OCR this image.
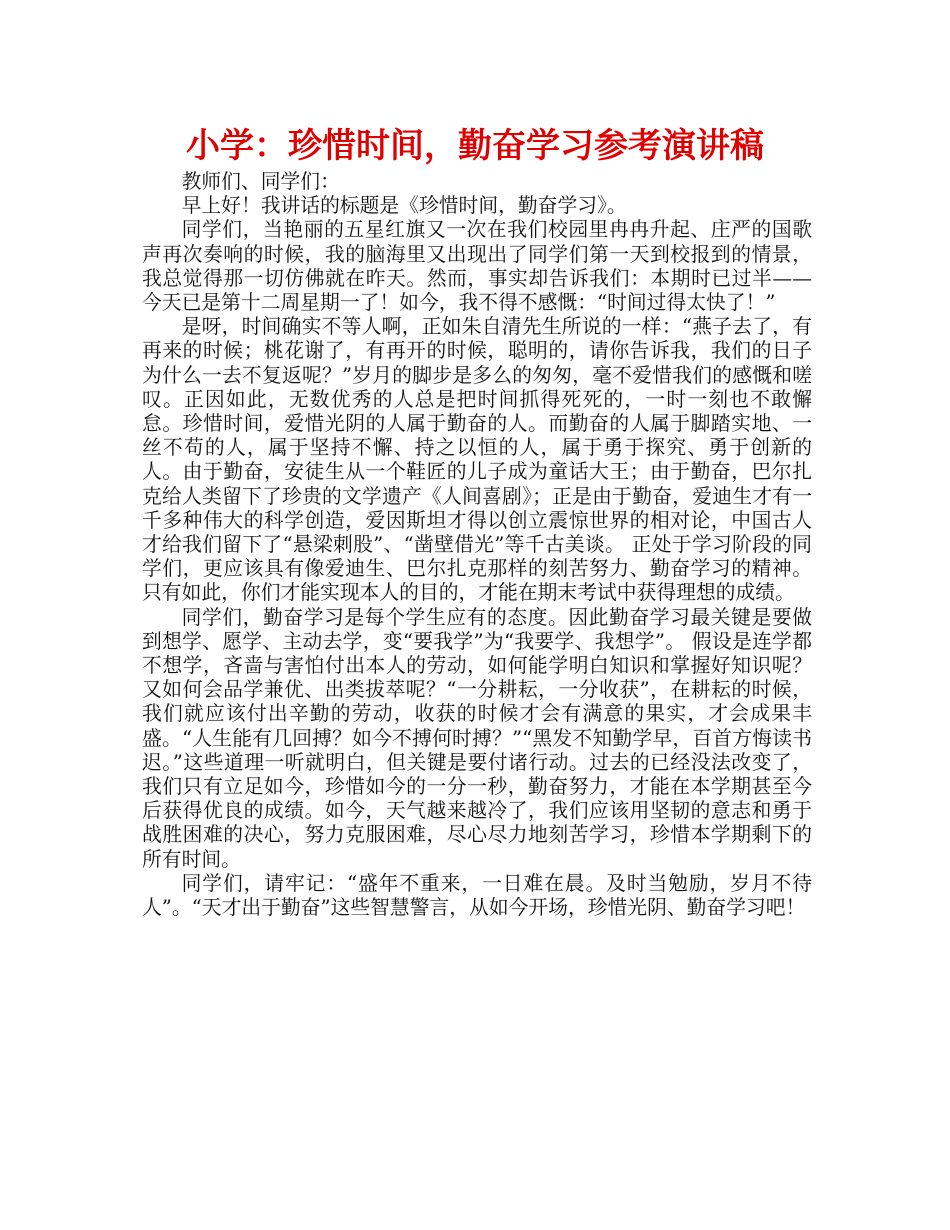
小学：珍惜时间，勤奋学习参考演讲稿

教师们、同学们：

早上好！我讲话的标题是《珍惜时间，勤奋学习》。

同学们，当艳丽的五星红旗又一次在我们校园里冉冉升起、庄严的国歌声再次奏响的时候，我的脑海里又出现出了同学们第一天到校报到的情景，我总觉得那一切仿佛就在昨天。然而，事实却告诉我们：本期时已过半——今天已是第十二周星期一了！如今，我不得不感慨：“时间过得太快了！”

是呀，时间确实不等人啊，正如朱自清先生所说的一样：“燕子去了，有再来的时候；桃花谢了，有再开的时候，聪明的，请你告诉我，我们的日子为什么一去不复返呢？”岁月的脚步是多么的匆匆，毫不爱惜我们的感慨和嗟叹。正因如此，无数优秀的人总是把时间抓得死死的，一时一刻也不敢懈怠。珍惜时间，爱惜光阴的人属于勤奋的人。而勤奋的人属于脚踏实地、一丝不苟的人，属于坚持不懈、持之以恒的人，属于勇于探究、勇于创新的人。由于勤奋，安徒生从一个鞋匠的儿子成为童话大王；由于勤奋，巴尔扎克给人类留下了珍贵的文学遗产《人间喜剧》；正是由于勤奋，爱迪生才有一千多种伟大的科学创造，爱因斯坦才得以创立震惊世界的相对论，中国古人才给我们留下了“悬梁刺股”、“凿壁借光”等千古美谈。 正处于学习阶段的同学们，更应该具有像爱迪生、巴尔扎克那样的刻苦努力、勤奋学习的精神。只有如此，你们才能实现本人的目的，才能在期末考试中获得理想的成绩。

同学们，勤奋学习是每个学生应有的态度。因此勤奋学习最关键是要做到想学、愿学、主动去学，变“要我学”为“我要学、我想学”。 假设是连学都不想学，吝啬与害怕付出本人的劳动，如何能学明白知识和掌握好知识呢？又如何会品学兼优、出类拔萃呢？“一分耕耘，一分收获”，在耕耘的时候，我们就应该付出辛勤的劳动，收获的时候才会有满意的果实，才会成果丰盛。“人生能有几回搏？如今不搏何时搏？”“黑发不知勤学早，百首方悔读书迟。”这些道理一听就明白，但关键是要付诸行动。过去的已经没法改变了，我们只有立足如今，珍惜如今的一分一秒，勤奋努力，才能在本学期甚至今后获得优良的成绩。如今，天气越来越冷了，我们应该用坚韧的意志和勇于战胜困难的决心，努力克服困难，尽心尽力地刻苦学习，珍惜本学期剩下的所有时间。

同学们，请牢记：“盛年不重来，一日难在晨。及时当勉励，岁月不待人”。“天才出于勤奋”这些智慧警言，从如今开场，珍惜光阴、勤奋学习吧！
